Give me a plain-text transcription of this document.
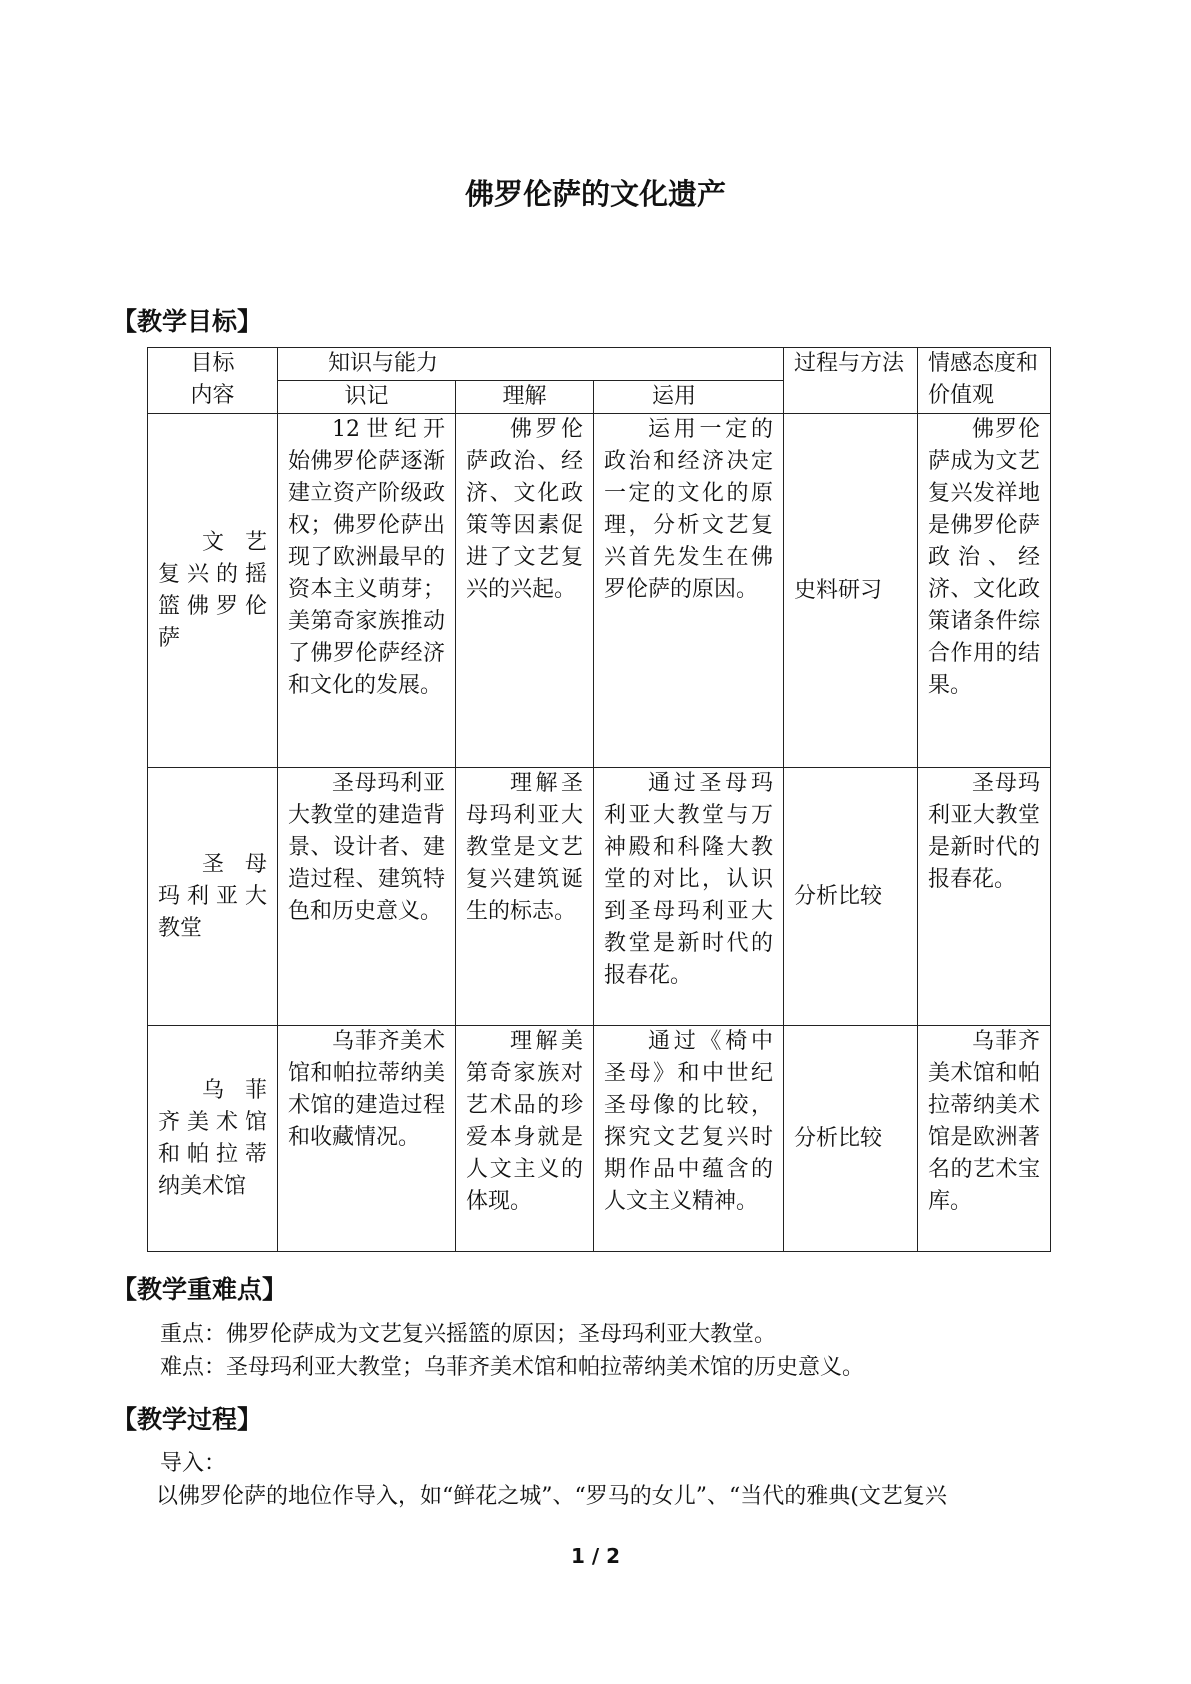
佛罗伦萨的文化遗产
【教学目标】
目标
内容	知识与能力			过程与方法	情感态度和价值观
	识记	理解	运用		
文艺复兴的摇篮佛罗伦萨	12世纪开始佛罗伦萨逐渐建立资产阶级政权；佛罗伦萨出现了欧洲最早的资本主义萌芽；美第奇家族推动了佛罗伦萨经济和文化的发展。	佛罗伦萨政治、经济、文化政策等因素促进了文艺复兴的兴起。	运用一定的政治和经济决定一定的文化的原理，分析文艺复兴首先发生在佛罗伦萨的原因。	史料研习	佛罗伦萨成为文艺复兴发祥地是佛罗伦萨政治、经济、文化政策诸条件综合作用的结果。
圣母玛利亚大教堂	圣母玛利亚大教堂的建造背景、设计者、建造过程、建筑特色和历史意义。	理解圣母玛利亚大教堂是文艺复兴建筑诞生的标志。	通过圣母玛利亚大教堂与万神殿和科隆大教堂的对比，认识到圣母玛利亚大教堂是新时代的报春花。	分析比较	圣母玛利亚大教堂是新时代的报春花。
乌菲齐美术馆和帕拉蒂纳美术馆	乌菲齐美术馆和帕拉蒂纳美术馆的建造过程和收藏情况。	理解美第奇家族对艺术品的珍爱本身就是人文主义的体现。	通过《椅中圣母》和中世纪圣母像的比较，探究文艺复兴时期作品中蕴含的人文主义精神。	分析比较	乌菲齐美术馆和帕拉蒂纳美术馆是欧洲著名的艺术宝库。
【教学重难点】

重点：佛罗伦萨成为文艺复兴摇篮的原因；圣母玛利亚大教堂。

难点：圣母玛利亚大教堂；乌菲齐美术馆和帕拉蒂纳美术馆的历史意义。

【教学过程】

导入：

以佛罗伦萨的地位作导入，如“鲜花之城”、“罗马的女儿”、“当代的雅典(文艺复兴

1 / 2
